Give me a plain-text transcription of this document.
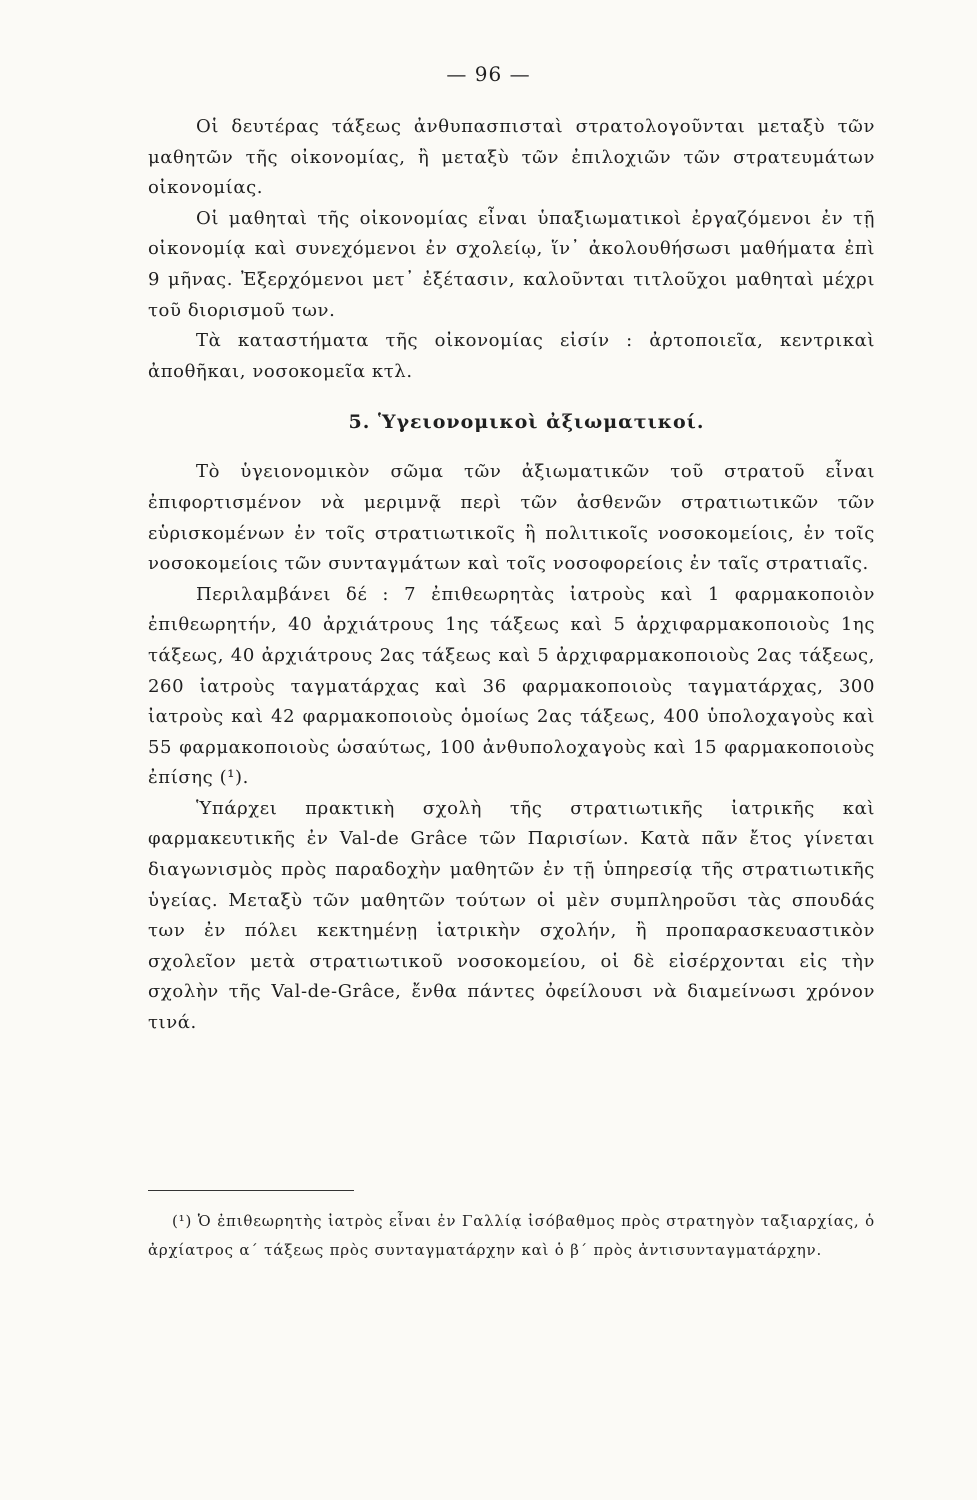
— 96 —

Οἱ δευτέρας τάξεως ἀνθυπασπισταὶ στρατολογοῦνται μεταξὺ τῶν μαθητῶν τῆς οἰκονομίας, ἢ μεταξὺ τῶν ἐπιλοχιῶν τῶν στρατευμάτων οἰκονομίας.

Οἱ μαθηταὶ τῆς οἰκονομίας εἶναι ὑπαξιωματικοὶ ἐργαζόμενοι ἐν τῇ οἰκονομίᾳ καὶ συνεχόμενοι ἐν σχολείῳ, ἵν᾽ ἀκολουθήσωσι μαθήματα ἐπὶ 9 μῆνας. Ἐξερχόμενοι μετ᾽ ἐξέτασιν, καλοῦνται τιτλοῦχοι μαθηταὶ μέχρι τοῦ διορισμοῦ των.

Τὰ καταστήματα τῆς οἰκονομίας εἰσίν : ἀρτοποιεῖα, κεντρικαὶ ἀποθῆκαι, νοσοκομεῖα κτλ.

5. Ὑγειονομικοὶ ἀξιωματικοί.

Τὸ ὑγειονομικὸν σῶμα τῶν ἀξιωματικῶν τοῦ στρατοῦ εἶναι ἐπιφορτισμένον νὰ μεριμνᾷ περὶ τῶν ἀσθενῶν στρατιωτικῶν τῶν εὑρισκομένων ἐν τοῖς στρατιωτικοῖς ἢ πολιτικοῖς νοσοκομείοις, ἐν τοῖς νοσοκομείοις τῶν συνταγμάτων καὶ τοῖς νοσοφορείοις ἐν ταῖς στρατιαῖς.

Περιλαμβάνει δέ : 7 ἐπιθεωρητὰς ἰατροὺς καὶ 1 φαρμακοποιὸν ἐπιθεωρητήν, 40 ἀρχιάτρους 1ης τάξεως καὶ 5 ἀρχιφαρμακοποιοὺς 1ης τάξεως, 40 ἀρχιάτρους 2ας τάξεως καὶ 5 ἀρχιφαρμακοποιοὺς 2ας τάξεως, 260 ἰατροὺς ταγματάρχας καὶ 36 φαρμακοποιοὺς ταγματάρχας, 300 ἰατροὺς καὶ 42 φαρμακοποιοὺς ὁμοίως 2ας τάξεως, 400 ὑπολοχαγοὺς καὶ 55 φαρμακοποιοὺς ὡσαύτως, 100 ἀνθυπολοχαγοὺς καὶ 15 φαρμακοποιοὺς ἐπίσης (¹).

Ὑπάρχει πρακτικὴ σχολὴ τῆς στρατιωτικῆς ἰατρικῆς καὶ φαρμακευτικῆς ἐν Val-de Grâce τῶν Παρισίων. Κατὰ πᾶν ἔτος γίνεται διαγωνισμὸς πρὸς παραδοχὴν μαθητῶν ἐν τῇ ὑπηρεσίᾳ τῆς στρατιωτικῆς ὑγείας. Μεταξὺ τῶν μαθητῶν τούτων οἱ μὲν συμπληροῦσι τὰς σπουδάς των ἐν πόλει κεκτημένῃ ἰατρικὴν σχολήν, ἢ προπαρασκευαστικὸν σχολεῖον μετὰ στρατιωτικοῦ νοσοκομείου, οἱ δὲ εἰσέρχονται εἰς τὴν σχολὴν τῆς Val-de-Grâce, ἔνθα πάντες ὀφείλουσι νὰ διαμείνωσι χρόνον τινά.

(¹) Ὁ ἐπιθεωρητὴς ἰατρὸς εἶναι ἐν Γαλλίᾳ ἰσόβαθμος πρὸς στρατηγὸν ταξιαρχίας, ὁ ἀρχίατρος α´ τάξεως πρὸς συνταγματάρχην καὶ ὁ β´ πρὸς ἀντισυνταγματάρχην.
